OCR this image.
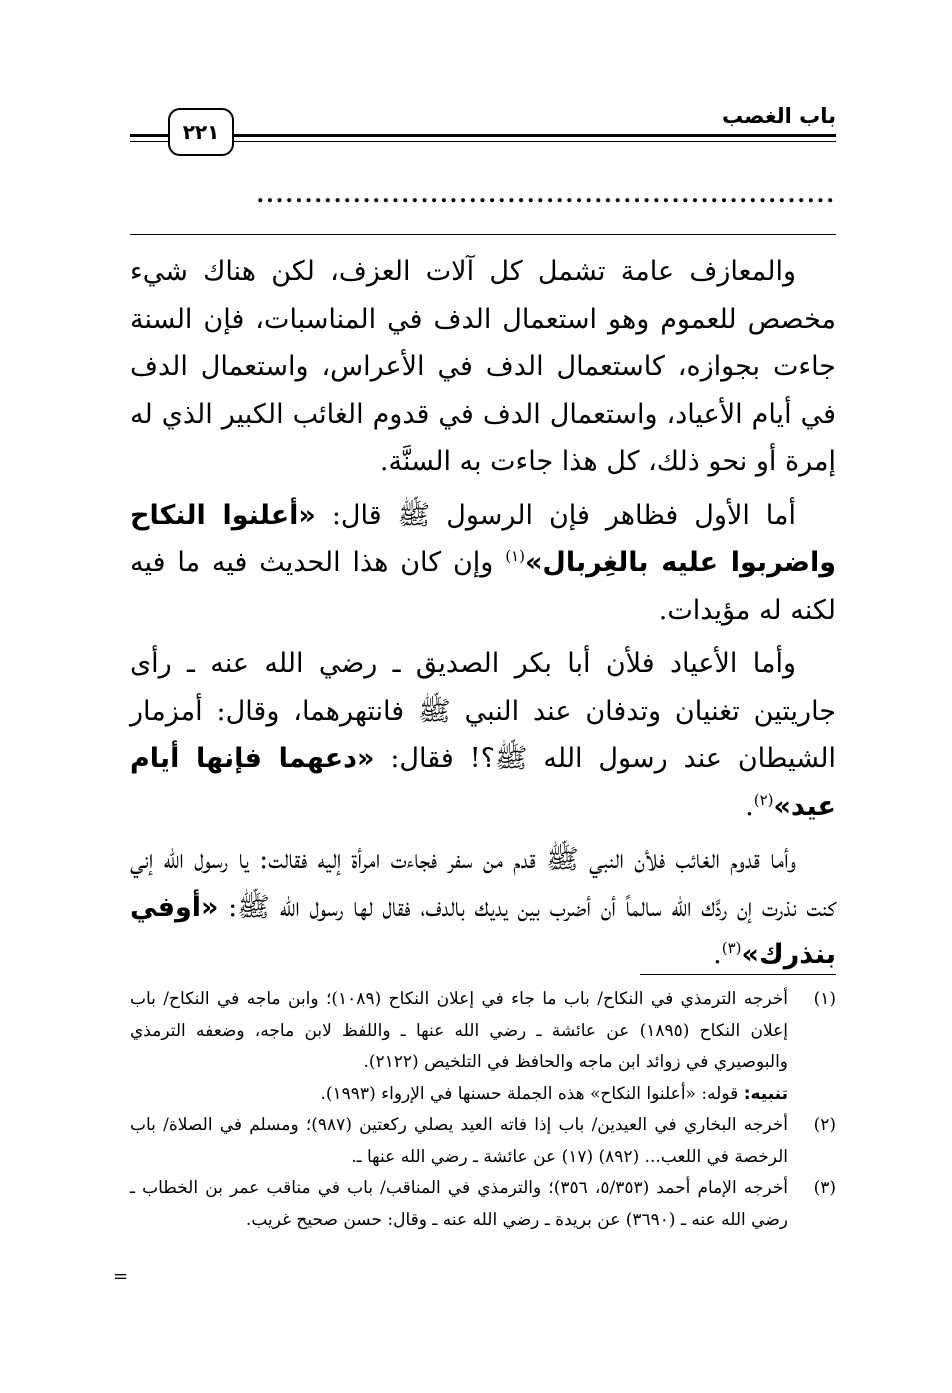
باب الغصب
٢٢١
............................................................

والمعازف عامة تشمل كل آلات العزف، لكن هناك شيء مخصص للعموم وهو استعمال الدف في المناسبات، فإن السنة جاءت بجوازه، كاستعمال الدف في الأعراس، واستعمال الدف في أيام الأعياد، واستعمال الدف في قدوم الغائب الكبير الذي له إمرة أو نحو ذلك، كل هذا جاءت به السنَّة.

أما الأول فظاهر فإن الرسول ﷺ قال: «أعلنوا النكاح واضربوا عليه بالغِربال»$^{(١)}$ وإن كان هذا الحديث فيه ما فيه لكنه له مؤيدات.

وأما الأعياد فلأن أبا بكر الصديق ـ رضي الله عنه ـ رأى جاريتين تغنيان وتدفان عند النبي ﷺ فانتهرهما، وقال: أمزمار الشيطان عند رسول الله ﷺ؟! فقال: «دعهما فإنها أيام عيد»$^{(٢)}$.

وأما قدوم الغائب فلأن النبي ﷺ قدم من سفر فجاءت امرأة إليه فقالت: يا رسول الله إني كنت نذرت إن ردَّك الله سالماً أن أضرب بين يديك بالدف، فقال لها رسول الله ﷺ: «أوفي بنذرك»$^{(٣)}$.

(١)
أخرجه الترمذي في النكاح/ باب ما جاء في إعلان النكاح (١٠٨٩)؛ وابن ماجه في النكاح/ باب إعلان النكاح (١٨٩٥) عن عائشة ـ رضي الله عنها ـ واللفظ لابن ماجه، وضعفه الترمذي والبوصيري في زوائد ابن ماجه والحافظ في التلخيص (٢١٢٢).
تنبيه: قوله: «أعلنوا النكاح» هذه الجملة حسنها في الإرواء (١٩٩٣).
(٢)
أخرجه البخاري في العيدين/ باب إذا فاته العيد يصلي ركعتين (٩٨٧)؛ ومسلم في الصلاة/ باب الرخصة في اللعب... (٨٩٢) (١٧) عن عائشة ـ رضي الله عنها ـ.
(٣)
أخرجه الإمام أحمد (٥/٣٥٣، ٣٥٦)؛ والترمذي في المناقب/ باب في مناقب عمر بن الخطاب ـ رضي الله عنه ـ (٣٦٩٠) عن بريدة ـ رضي الله عنه ـ وقال: حسن صحيح غريب.
=
